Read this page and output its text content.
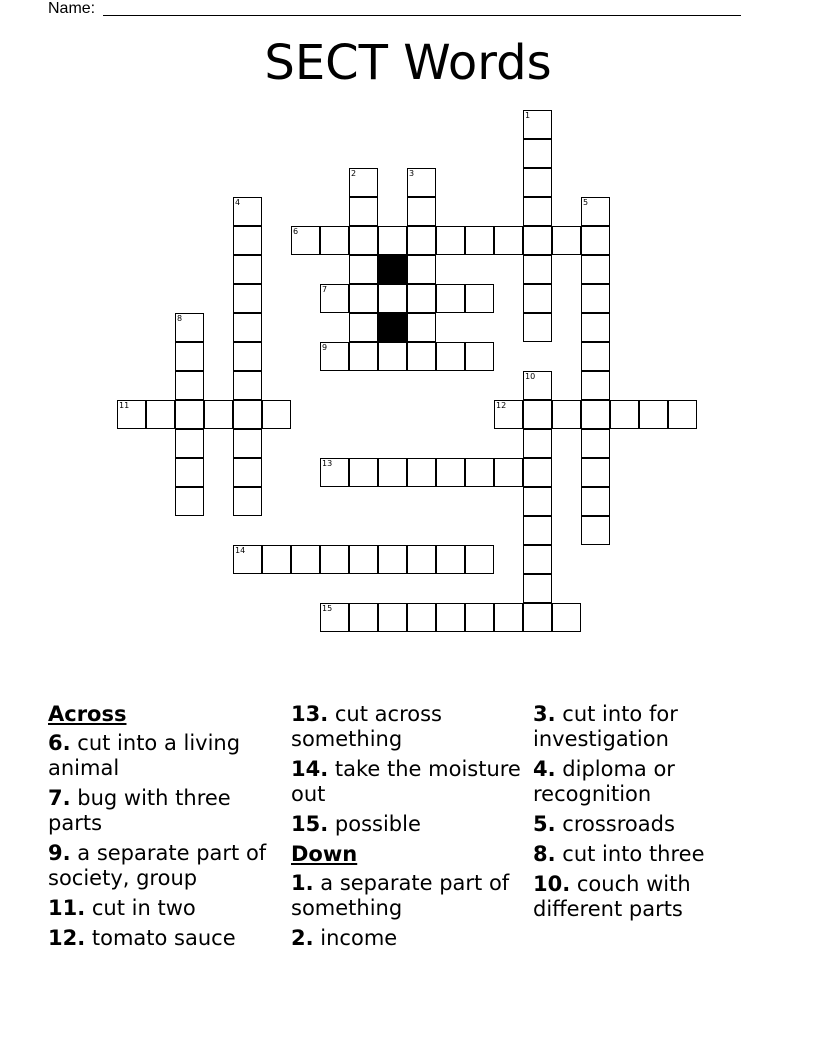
Name:
SECT Words
1
2	3
4	5
6
7
8
9
10
11	12
13
14
15
Across
6. cut into a living animal
7. bug with three parts
9. a separate part of society, group
11. cut in two
12. tomato sauce
13. cut across something
14. take the moisture out
15. possible
Down
1. a separate part of something
2. income
3. cut into for investigation
4. diploma or recognition
5. crossroads
8. cut into three
10. couch with different parts
